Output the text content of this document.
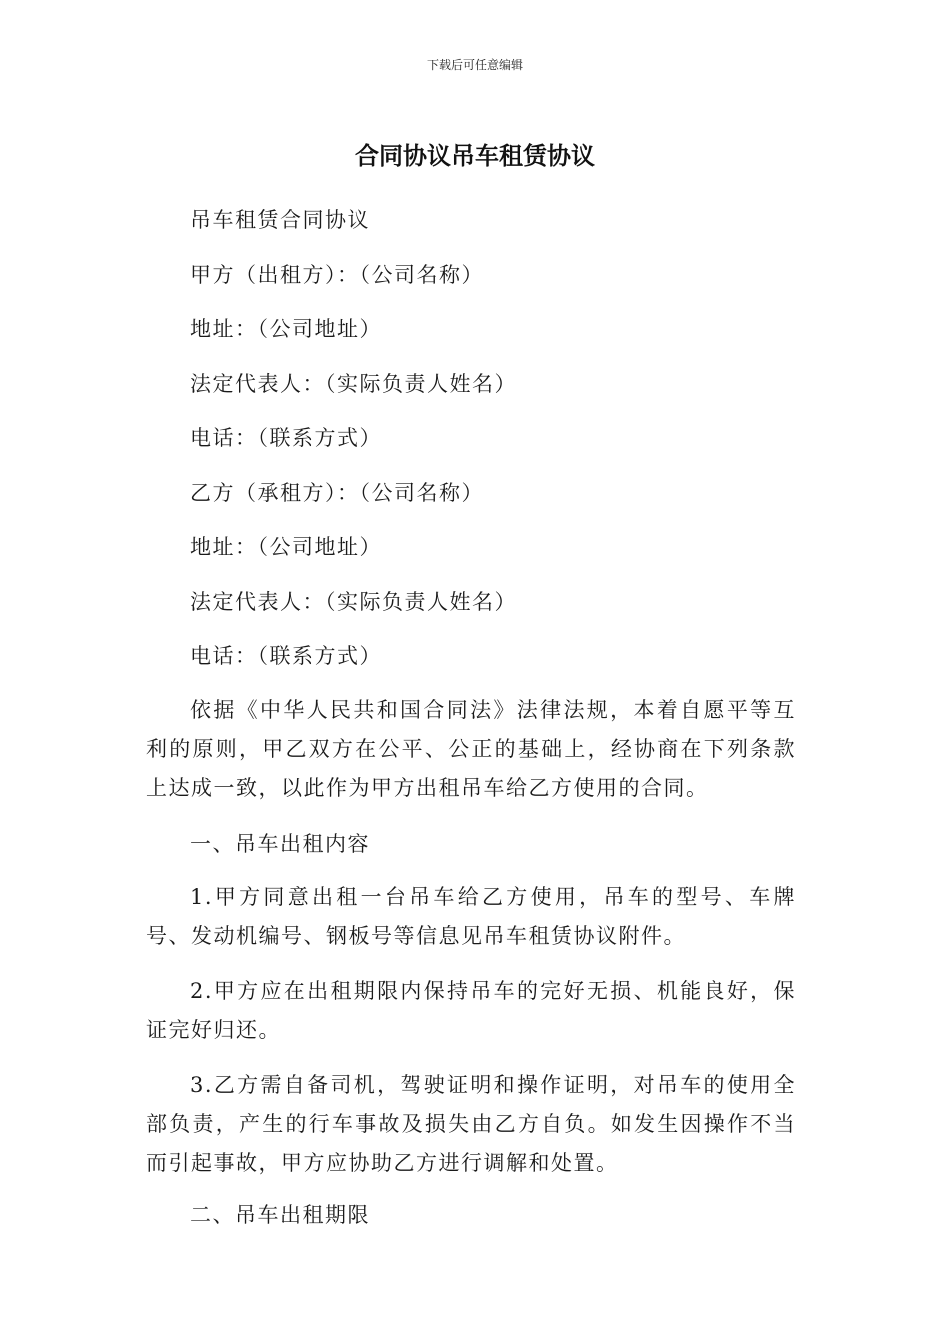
下载后可任意编辑
合同协议吊车租赁协议
吊车租赁合同协议
甲方（出租方）：（公司名称）
地址：（公司地址）
法定代表人：（实际负责人姓名）
电话：（联系方式）
乙方（承租方）：（公司名称）
地址：（公司地址）
法定代表人：（实际负责人姓名）
电话：（联系方式）

依据《中华人民共和国合同法》法律法规，本着自愿平等互利的原则，甲乙双方在公平、公正的基础上，经协商在下列条款上达成一致，以此作为甲方出租吊车给乙方使用的合同。

一、吊车出租内容

1.甲方同意出租一台吊车给乙方使用，吊车的型号、车牌号、发动机编号、钢板号等信息见吊车租赁协议附件。

2.甲方应在出租期限内保持吊车的完好无损、机能良好，保证完好归还。

3.乙方需自备司机，驾驶证明和操作证明，对吊车的使用全部负责，产生的行车事故及损失由乙方自负。如发生因操作不当而引起事故，甲方应协助乙方进行调解和处置。

二、吊车出租期限
